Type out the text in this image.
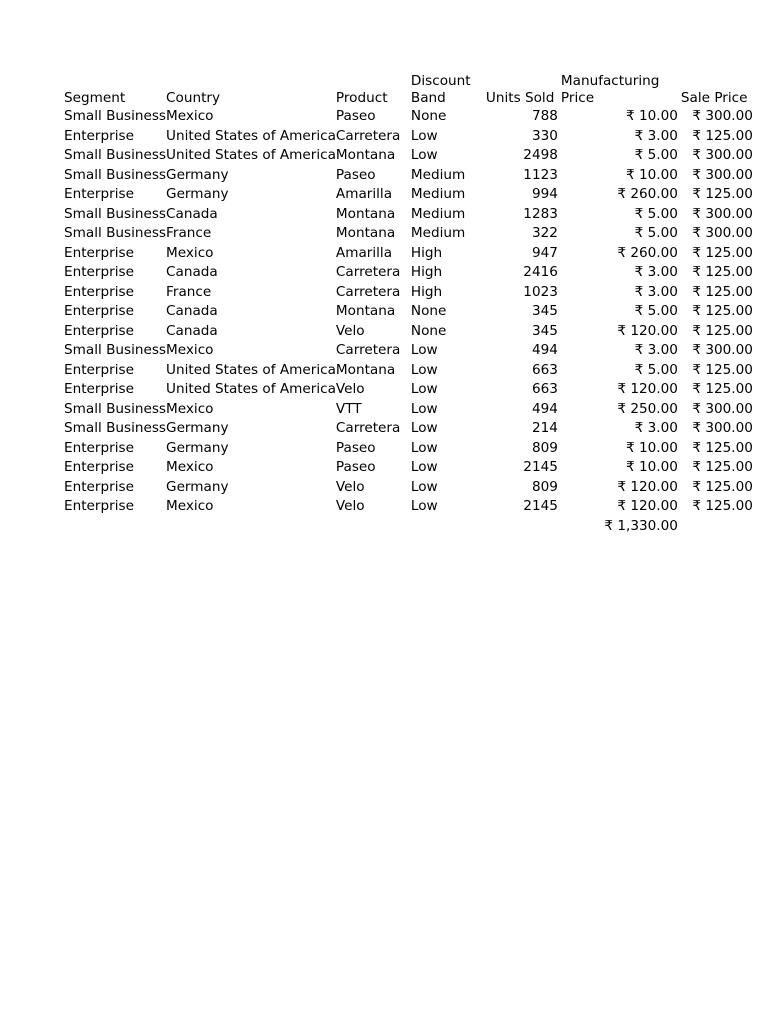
Segment	Country	Product	Discount Band	Units Sold	Manufacturing Price	Sale Price
Small Business	Mexico	Paseo	None	788	₹ 10.00	₹ 300.00
Enterprise	United States of America	Carretera	Low	330	₹ 3.00	₹ 125.00
Small Business	United States of America	Montana	Low	2498	₹ 5.00	₹ 300.00
Small Business	Germany	Paseo	Medium	1123	₹ 10.00	₹ 300.00
Enterprise	Germany	Amarilla	Medium	994	₹ 260.00	₹ 125.00
Small Business	Canada	Montana	Medium	1283	₹ 5.00	₹ 300.00
Small Business	France	Montana	Medium	322	₹ 5.00	₹ 300.00
Enterprise	Mexico	Amarilla	High	947	₹ 260.00	₹ 125.00
Enterprise	Canada	Carretera	High	2416	₹ 3.00	₹ 125.00
Enterprise	France	Carretera	High	1023	₹ 3.00	₹ 125.00
Enterprise	Canada	Montana	None	345	₹ 5.00	₹ 125.00
Enterprise	Canada	Velo	None	345	₹ 120.00	₹ 125.00
Small Business	Mexico	Carretera	Low	494	₹ 3.00	₹ 300.00
Enterprise	United States of America	Montana	Low	663	₹ 5.00	₹ 125.00
Enterprise	United States of America	Velo	Low	663	₹ 120.00	₹ 125.00
Small Business	Mexico	VTT	Low	494	₹ 250.00	₹ 300.00
Small Business	Germany	Carretera	Low	214	₹ 3.00	₹ 300.00
Enterprise	Germany	Paseo	Low	809	₹ 10.00	₹ 125.00
Enterprise	Mexico	Paseo	Low	2145	₹ 10.00	₹ 125.00
Enterprise	Germany	Velo	Low	809	₹ 120.00	₹ 125.00
Enterprise	Mexico	Velo	Low	2145	₹ 120.00	₹ 125.00
					₹ 1,330.00	
